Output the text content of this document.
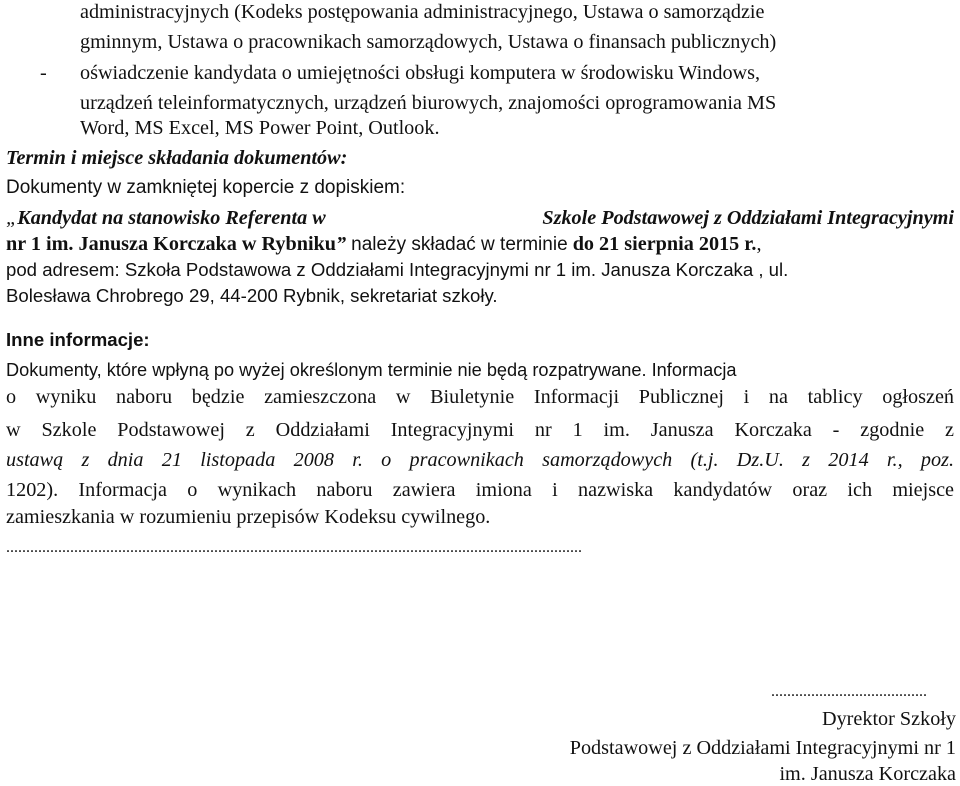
administracyjnych (Kodeks postępowania administracyjnego, Ustawa o samorządzie
gminnym, Ustawa o pracownikach samorządowych, Ustawa o finansach publicznych)
- oświadczenie kandydata o umiejętności obsługi komputera w środowisku Windows,
urządzeń teleinformatycznych, urządzeń biurowych, znajomości oprogramowania MS
Word, MS Excel, MS Power Point, Outlook.
Termin i miejsce składania dokumentów:
Dokumenty w zamkniętej kopercie z dopiskiem:
„Kandydat na stanowisko Referenta w	Szkole Podstawowej z Oddziałami Integracyjnymi
nr 1 im. Janusza Korczaka w Rybniku” należy składać w terminie do 21 sierpnia 2015 r.,
pod adresem: Szkoła Podstawowa z Oddziałami Integracyjnymi nr 1 im. Janusza Korczaka , ul.
Bolesława Chrobrego 29, 44-200 Rybnik, sekretariat szkoły.
Inne informacje:
Dokumenty, które wpłyną po wyżej określonym terminie nie będą rozpatrywane. Informacja
o wyniku naboru będzie zamieszczona w Biuletynie Informacji Publicznej i na tablicy ogłoszeń
w Szkole Podstawowej z Oddziałami Integracyjnymi nr 1 im. Janusza Korczaka - zgodnie z
ustawą z dnia 21 listopada 2008 r. o pracownikach samorządowych (t.j. Dz.U. z 2014 r., poz.
1202). Informacja o wynikach naboru zawiera imiona i nazwiska kandydatów oraz ich miejsce
zamieszkania w rozumieniu przepisów Kodeksu cywilnego.
................................................................................................................................................
.......................................
Dyrektor Szkoły
Podstawowej z Oddziałami Integracyjnymi nr 1
im. Janusza Korczaka
